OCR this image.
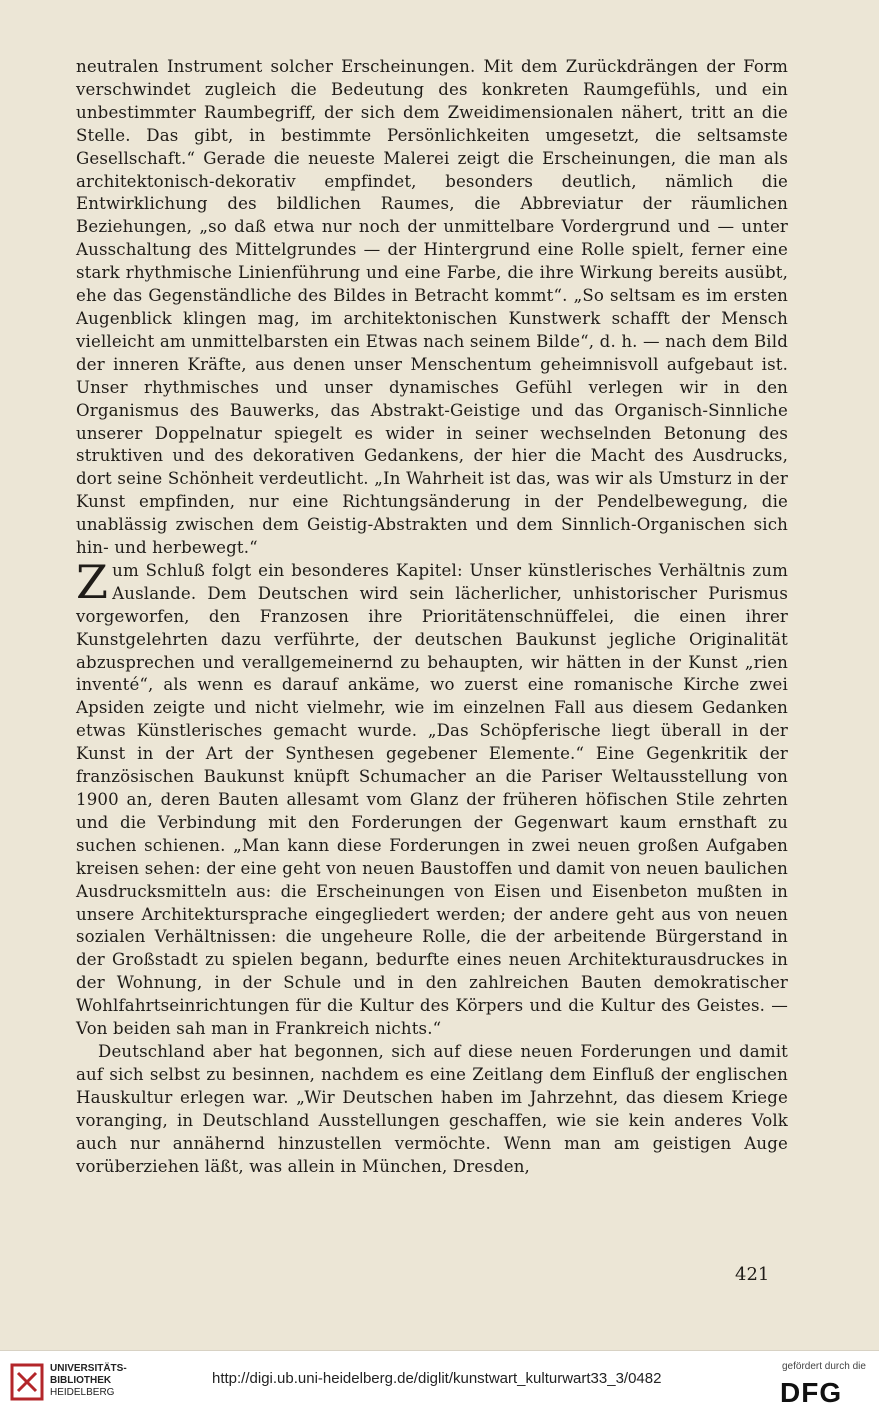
neutralen Instrument solcher Erscheinungen. Mit dem Zurückdrängen der Form verschwindet zugleich die Bedeutung des konkreten Raumgefühls, und ein unbestimmter Raumbegriff, der sich dem Zweidimensionalen nähert, tritt an die Stelle. Das gibt, in bestimmte Persönlichkeiten umgesetzt, die seltsamste Gesellschaft.“ Gerade die neueste Malerei zeigt die Erscheinungen, die man als architektonisch-dekorativ empfindet, besonders deutlich, nämlich die Entwirklichung des bildlichen Raumes, die Abbreviatur der räumlichen Beziehungen, „so daß etwa nur noch der unmittelbare Vordergrund und — unter Ausschaltung des Mittelgrundes — der Hintergrund eine Rolle spielt, ferner eine stark rhythmische Linienführung und eine Farbe, die ihre Wirkung bereits ausübt, ehe das Gegenständliche des Bildes in Betracht kommt“. „So seltsam es im ersten Augenblick klingen mag, im architektonischen Kunstwerk schafft der Mensch vielleicht am unmittelbarsten ein Etwas nach seinem Bilde“, d. h. — nach dem Bild der inneren Kräfte, aus denen unser Menschentum geheimnisvoll aufgebaut ist. Unser rhythmisches und unser dynamisches Gefühl verlegen wir in den Organismus des Bauwerks, das Abstrakt-Geistige und das Organisch-Sinnliche unserer Doppelnatur spiegelt es wider in seiner wechselnden Betonung des struktiven und des dekorativen Gedankens, der hier die Macht des Ausdrucks, dort seine Schönheit verdeutlicht. „In Wahrheit ist das, was wir als Umsturz in der Kunst empfinden, nur eine Richtungsänderung in der Pendelbewegung, die unablässig zwischen dem Geistig-Abstrakten und dem Sinnlich-Organischen sich hin- und herbewegt.“

Zum Schluß folgt ein besonderes Kapitel: Unser künstlerisches Verhältnis zum Auslande. Dem Deutschen wird sein lächerlicher, unhistorischer Purismus vorgeworfen, den Franzosen ihre Prioritätenschnüffelei, die einen ihrer Kunstgelehrten dazu verführte, der deutschen Baukunst jegliche Originalität abzusprechen und verallgemeinernd zu behaupten, wir hätten in der Kunst „rien inventé“, als wenn es darauf ankäme, wo zuerst eine romanische Kirche zwei Apsiden zeigte und nicht vielmehr, wie im einzelnen Fall aus diesem Gedanken etwas Künstlerisches gemacht wurde. „Das Schöpferische liegt überall in der Kunst in der Art der Synthesen gegebener Elemente.“ Eine Gegenkritik der französischen Baukunst knüpft Schumacher an die Pariser Weltausstellung von 1900 an, deren Bauten allesamt vom Glanz der früheren höfischen Stile zehrten und die Verbindung mit den Forderungen der Gegenwart kaum ernsthaft zu suchen schienen. „Man kann diese Forderungen in zwei neuen großen Aufgaben kreisen sehen: der eine geht von neuen Baustoffen und damit von neuen baulichen Ausdrucksmitteln aus: die Erscheinungen von Eisen und Eisenbeton mußten in unsere Architektursprache eingegliedert werden; der andere geht aus von neuen sozialen Verhältnissen: die ungeheure Rolle, die der arbeitende Bürgerstand in der Großstadt zu spielen begann, bedurfte eines neuen Architekturausdruckes in der Wohnung, in der Schule und in den zahlreichen Bauten demokratischer Wohlfahrtseinrichtungen für die Kultur des Körpers und die Kultur des Geistes. — Von beiden sah man in Frankreich nichts.“

Deutschland aber hat begonnen, sich auf diese neuen Forderungen und damit auf sich selbst zu besinnen, nachdem es eine Zeitlang dem Einfluß der englischen Hauskultur erlegen war. „Wir Deutschen haben im Jahrzehnt, das diesem Kriege voranging, in Deutschland Ausstellungen geschaffen, wie sie kein anderes Volk auch nur annähernd hinzustellen vermöchte. Wenn man am geistigen Auge vorüberziehen läßt, was allein in München, Dresden,

421
UNIVERSITÄTS-
BIBLIOTHEK
HEIDELBERG
http://digi.ub.uni-heidelberg.de/diglit/kunstwart_kulturwart33_3/0482
gefördert durch die
DFG
